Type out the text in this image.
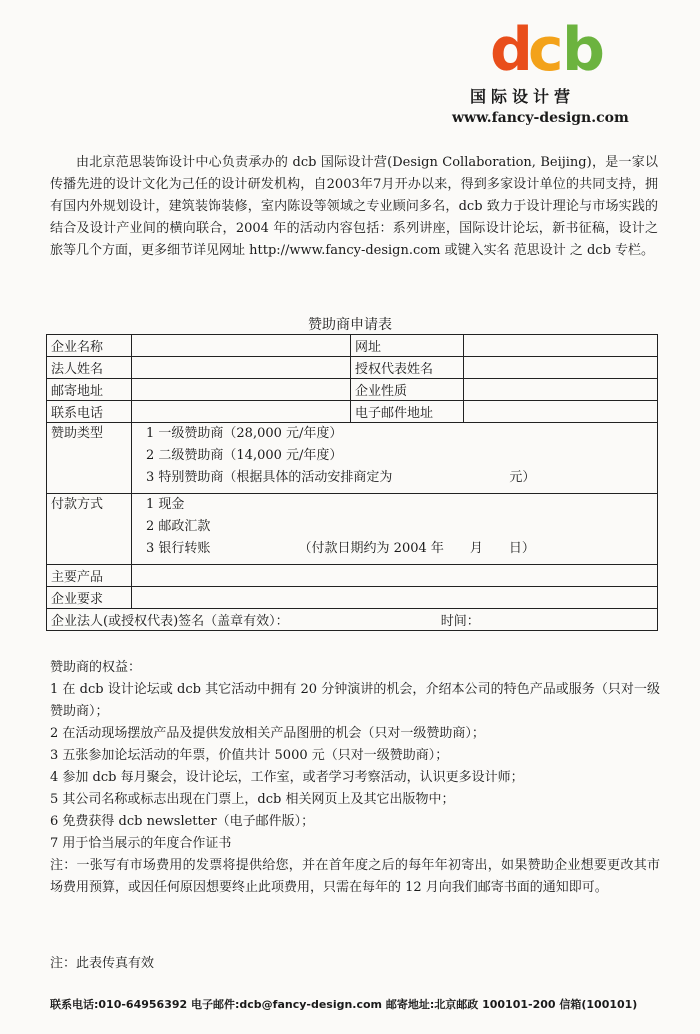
d
c b
国际设计营
www.fancy-design.com
由北京范思装饰设计中心负责承办的 dcb 国际设计营(Design Collaboration, Beijing)，是一家以传播先进的设计文化为己任的设计研发机构，自2003年7月开办以来，得到多家设计单位的共同支持，拥有国内外规划设计，建筑装饰装修，室内陈设等领域之专业顾问多名，dcb 致力于设计理论与市场实践的结合及设计产业间的横向联合，2004 年的活动内容包括：系列讲座，国际设计论坛，新书征稿，设计之旅等几个方面，更多细节详见网址 http://www.fancy-design.com 或键入实名 范思设计 之 dcb 专栏。
赞助商申请表
企业名称		网址	
法人姓名		授权代表姓名	
邮寄地址		企业性质	
联系电话		电子邮件地址	

赞助类型	1 一级赞助商（28,000 元/年度）
2 二级赞助商（14,000 元/年度）
3 特别赞助商（根据具体的活动安排商定为　　　　　　　　　元）		

付款方式	1 现金
2 邮政汇款
3 银行转账 （付款日期约为 2004 年　　月　　日）		

主要产品			
企业要求			
企业法人(或授权代表)签名（盖章有效）： 时间：			
赞助商的权益：
1 在 dcb 设计论坛或 dcb 其它活动中拥有 20 分钟演讲的机会，介绍本公司的特色产品或服务（只对一级赞助商）；
2 在活动现场摆放产品及提供发放相关产品图册的机会（只对一级赞助商）；
3 五张参加论坛活动的年票，价值共计 5000 元（只对一级赞助商）；
4 参加 dcb 每月聚会，设计论坛，工作室，或者学习考察活动，认识更多设计师；
5 其公司名称或标志出现在门票上，dcb 相关网页上及其它出版物中；
6 免费获得 dcb newsletter（电子邮件版）；
7 用于恰当展示的年度合作证书
注：一张写有市场费用的发票将提供给您，并在首年度之后的每年年初寄出，如果赞助企业想要更改其市场费用预算，或因任何原因想要终止此项费用，只需在每年的 12 月向我们邮寄书面的通知即可。
注：此表传真有效
联系电话:010-64956392 电子邮件:dcb@fancy-design.com 邮寄地址:北京邮政 100101-200 信箱(100101)
